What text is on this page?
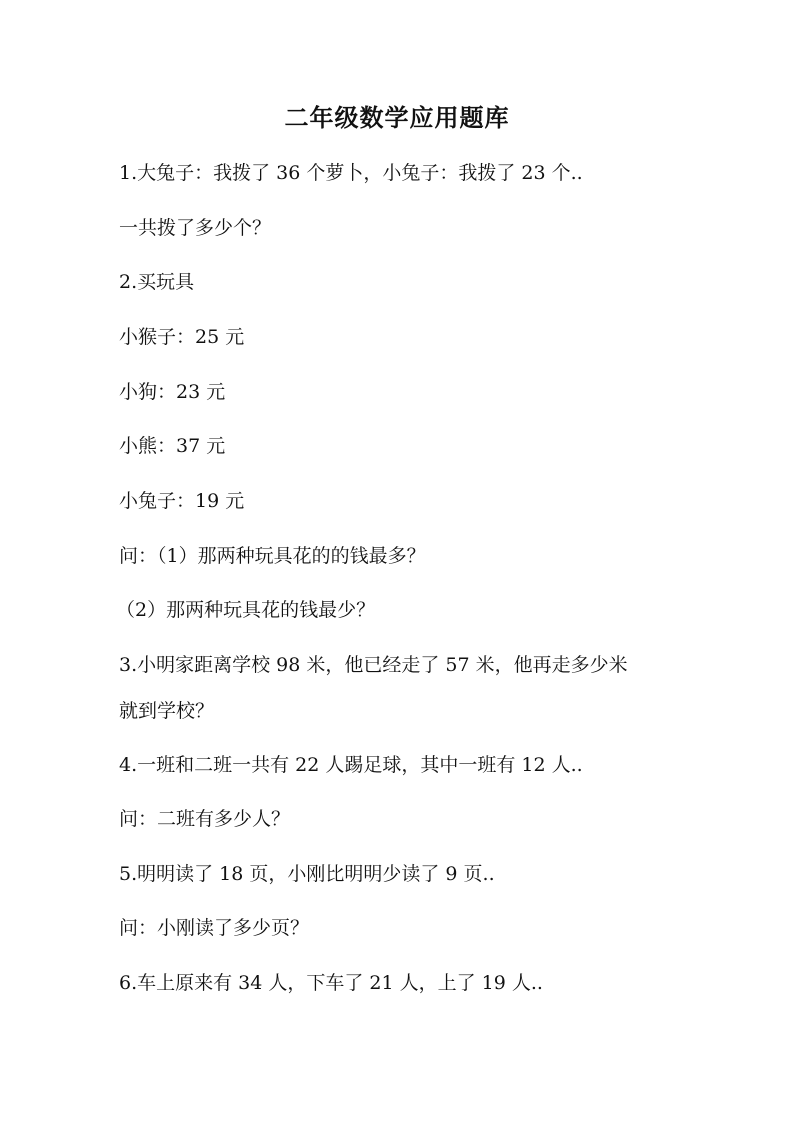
二年级数学应用题库
1.大兔子：我拨了 36 个萝卜，小兔子：我拨了 23 个..
一共拨了多少个？
2.买玩具
小猴子：25 元
小狗：23 元
小熊：37 元
小兔子：19 元
问：（1）那两种玩具花的的钱最多？
（2）那两种玩具花的钱最少？
3.小明家距离学校 98 米，他已经走了 57 米，他再走多少米
就到学校？
4.一班和二班一共有 22 人踢足球，其中一班有 12 人..
问：二班有多少人？
5.明明读了 18 页，小刚比明明少读了 9 页..
问：小刚读了多少页？
6.车上原来有 34 人，下车了 21 人，上了 19 人..
